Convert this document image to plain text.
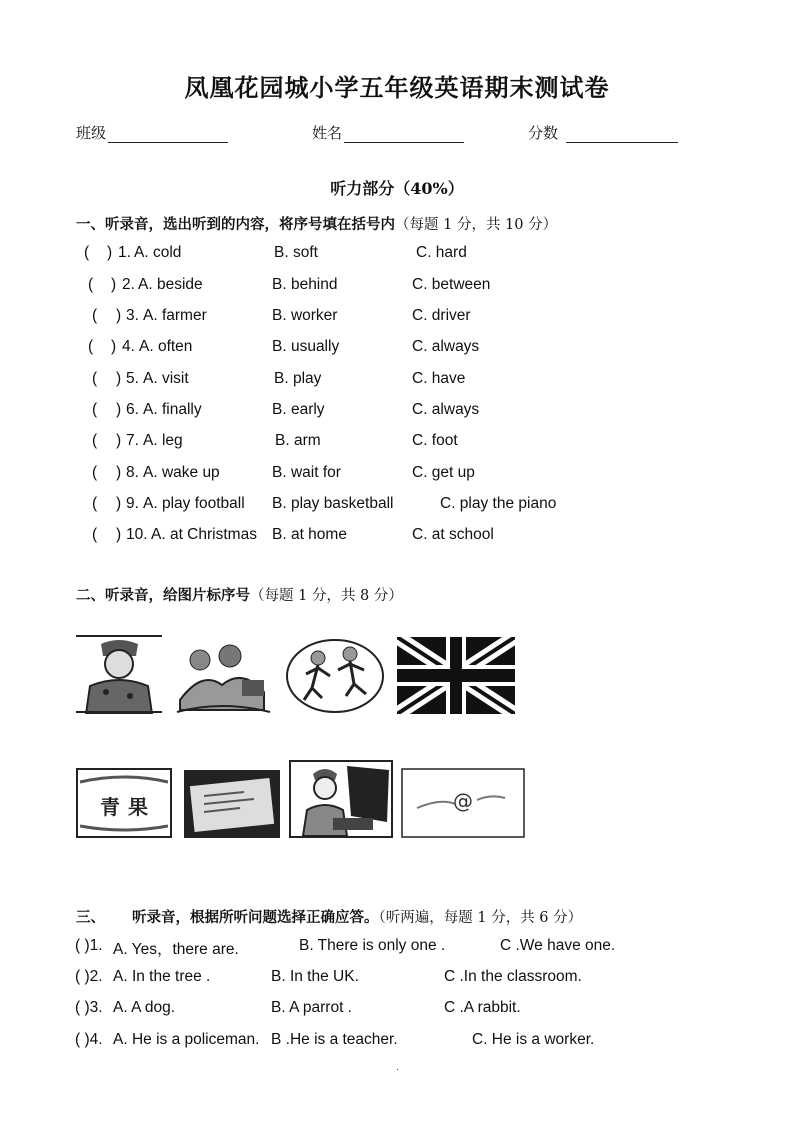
凤凰花园城小学五年级英语期末测试卷
班级	姓名	分数
听力部分（40%）
一、听录音，选出听到的内容，将序号填在括号内（每题 1 分，共 10 分）
( ) 1. A. cold	B. soft	C. hard
( ) 2. A. beside	B. behind	C. between
( ) 3. A. farmer	B. worker	C. driver
( ) 4. A. often	B. usually	C. always
( ) 5. A. visit	B. play	C. have
( ) 6. A. finally	B. early	C. always
( ) 7. A. leg	B. arm	C. foot
( ) 8. A. wake up	B. wait for	C. get up
( ) 9. A. play football B. play basketball	C. play the piano
( ) 10. A. at Christmas B. at home	C. at school
二、听录音，给图片标序号（每题 1 分，共 8 分）
青 果	@
三、 听录音，根据所听问题选择正确应答。（听两遍，每题 1 分，共 6 分）
( )1. A. Yes，there are.	B. There is only one .	C .We have one.
( )2. A. In the tree .	B. In the UK.	C .In the classroom.
( )3. A. A dog.	B. A parrot .	C .A rabbit.
( )4. A. He is a policeman. B .He is a teacher.	C. He is a worker.
·
